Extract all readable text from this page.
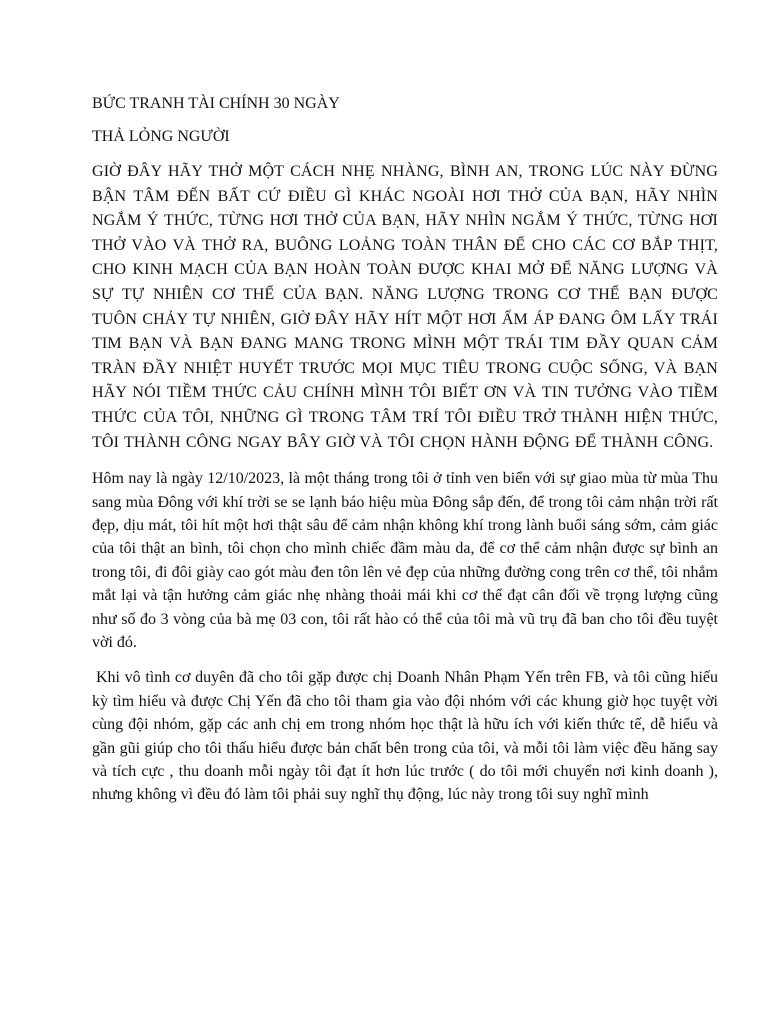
BỨC TRANH TÀI CHÍNH 30 NGÀY
THẢ LỎNG NGƯỜI

GIỜ ĐÂY HÃY THỞ MỘT CÁCH NHẸ NHÀNG, BÌNH AN, TRONG LÚC NÀY ĐỪNG BẬN TÂM ĐẾN BẤT CỨ ĐIỀU GÌ KHÁC NGOÀI HƠI THỞ CỦA BẠN, HÃY NHÌN NGẮM Ý THỨC, TỪNG HƠI THỞ CỦA BẠN, HÃY NHÌN NGẮM Ý THỨC, TỪNG HƠI THỞ VÀO VÀ THỞ RA, BUÔNG LOẢNG TOÀN THÂN ĐỂ CHO CÁC CƠ BẮP THỊT, CHO KINH MẠCH CỦA BẠN HOÀN TOÀN ĐƯỢC KHAI MỞ ĐỂ NĂNG LƯỢNG VÀ SỰ TỰ NHIÊN CƠ THỂ CỦA BẠN. NĂNG LƯỢNG TRONG CƠ THỂ BẠN ĐƯỢC TUÔN CHẢY TỰ NHIÊN, GIỜ ĐÂY HÃY HÍT MỘT HƠI ẤM ÁP ĐANG ÔM LẤY TRÁI TIM BẠN VÀ BẠN ĐANG MANG TRONG MÌNH MỘT TRÁI TIM ĐẦY QUAN CẢM TRÀN ĐẦY NHIỆT HUYẾT TRƯỚC MỌI MỤC TIÊU TRONG CUỘC SỐNG, VÀ BẠN HÃY NÓI TIỀM THỨC CẢU CHÍNH MÌNH TÔI BIẾT ƠN VÀ TIN TƯỞNG VÀO TIỀM THỨC CỦA TÔI, NHỮNG GÌ TRONG TÂM TRÍ TÔI ĐIỀU TRỞ THÀNH HIỆN THỨC, TÔI THÀNH CÔNG NGAY BÂY GIỜ VÀ TÔI CHỌN HÀNH ĐỘNG ĐỂ THÀNH CÔNG.

Hôm nay là ngày 12/10/2023, là một tháng trong tôi ở tỉnh ven biển với sự giao mùa từ mùa Thu sang mùa Đông với khí trời se se lạnh báo hiệu mùa Đông sắp đến, để trong tôi cảm nhận trời rất đẹp, dịu mát, tôi hít một hơi thật sâu để cảm nhận không khí trong lành buổi sáng sớm, cảm giác của tôi thật an bình, tôi chọn cho mình chiếc đầm màu da, để cơ thể cảm nhận được sự bình an trong tôi, đi đôi giày cao gót màu đen tôn lên vẻ đẹp của những đường cong trên cơ thể, tôi nhắm mắt lại và tận hưởng cảm giác nhẹ nhàng thoải mái khi cơ thể đạt cân đối về trọng lượng cũng như số đo 3 vòng của bà mẹ 03 con, tôi rất hào có thể của tôi mà vũ trụ đã ban cho tôi đều tuyệt vời đó.

Khi vô tình cơ duyên đã cho tôi gặp được chị Doanh Nhân Phạm Yến trên FB, và tôi cũng hiếu kỳ tìm hiểu và được Chị Yến đã cho tôi tham gia vào đội nhóm với các khung giờ học tuyệt vời cùng đội nhóm, gặp các anh chị em trong nhóm học thật là hữu ích với kiến thức tế, dễ hiểu và gần gũi giúp cho tôi thấu hiểu được bản chất bên trong của tôi, và mỗi tôi làm việc đều hăng say và tích cực , thu doanh mỗi ngày tôi đạt ít hơn lúc trước ( do tôi mới chuyển nơi kinh doanh ), nhưng không vì đều đó làm tôi phải suy nghĩ thụ động, lúc này trong tôi suy nghĩ mình
